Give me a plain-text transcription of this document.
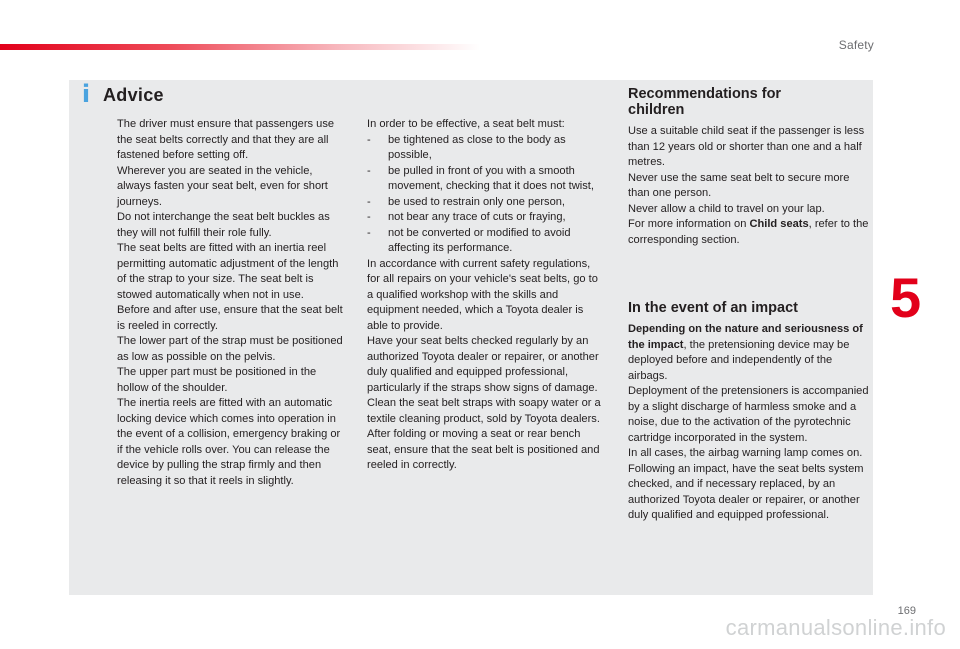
Safety
5
i Advice

The driver must ensure that passengers use the seat belts correctly and that they are all fastened before setting off.

Wherever you are seated in the vehicle, always fasten your seat belt, even for short journeys.

Do not interchange the seat belt buckles as they will not fulfill their role fully.

The seat belts are fitted with an inertia reel permitting automatic adjustment of the length of the strap to your size. The seat belt is stowed automatically when not in use.

Before and after use, ensure that the seat belt is reeled in correctly.

The lower part of the strap must be positioned as low as possible on the pelvis.

The upper part must be positioned in the hollow of the shoulder.

The inertia reels are fitted with an automatic locking device which comes into operation in the event of a collision, emergency braking or if the vehicle rolls over. You can release the device by pulling the strap firmly and then releasing it so that it reels in slightly.

In order to be effective, a seat belt must:

- be tightened as close to the body as possible,
- be pulled in front of you with a smooth movement, checking that it does not twist,
- be used to restrain only one person,
- not bear any trace of cuts or fraying,
- not be converted or modified to avoid affecting its performance.

In accordance with current safety regulations, for all repairs on your vehicle's seat belts, go to a qualified workshop with the skills and equipment needed, which a Toyota dealer is able to provide.

Have your seat belts checked regularly by an authorized Toyota dealer or repairer, or another duly qualified and equipped professional, particularly if the straps show signs of damage.

Clean the seat belt straps with soapy water or a textile cleaning product, sold by Toyota dealers.

After folding or moving a seat or rear bench seat, ensure that the seat belt is positioned and reeled in correctly.

Recommendations for children

Use a suitable child seat if the passenger is less than 12 years old or shorter than one and a half metres.

Never use the same seat belt to secure more than one person.

Never allow a child to travel on your lap.

For more information on Child seats, refer to the corresponding section.

In the event of an impact

Depending on the nature and seriousness of the impact, the pretensioning device may be deployed before and independently of the airbags.

Deployment of the pretensioners is accompanied by a slight discharge of harmless smoke and a noise, due to the activation of the pyrotechnic cartridge incorporated in the system.

In all cases, the airbag warning lamp comes on.

Following an impact, have the seat belts system checked, and if necessary replaced, by an authorized Toyota dealer or repairer, or another duly qualified and equipped professional.

169
carmanualsonline.info
